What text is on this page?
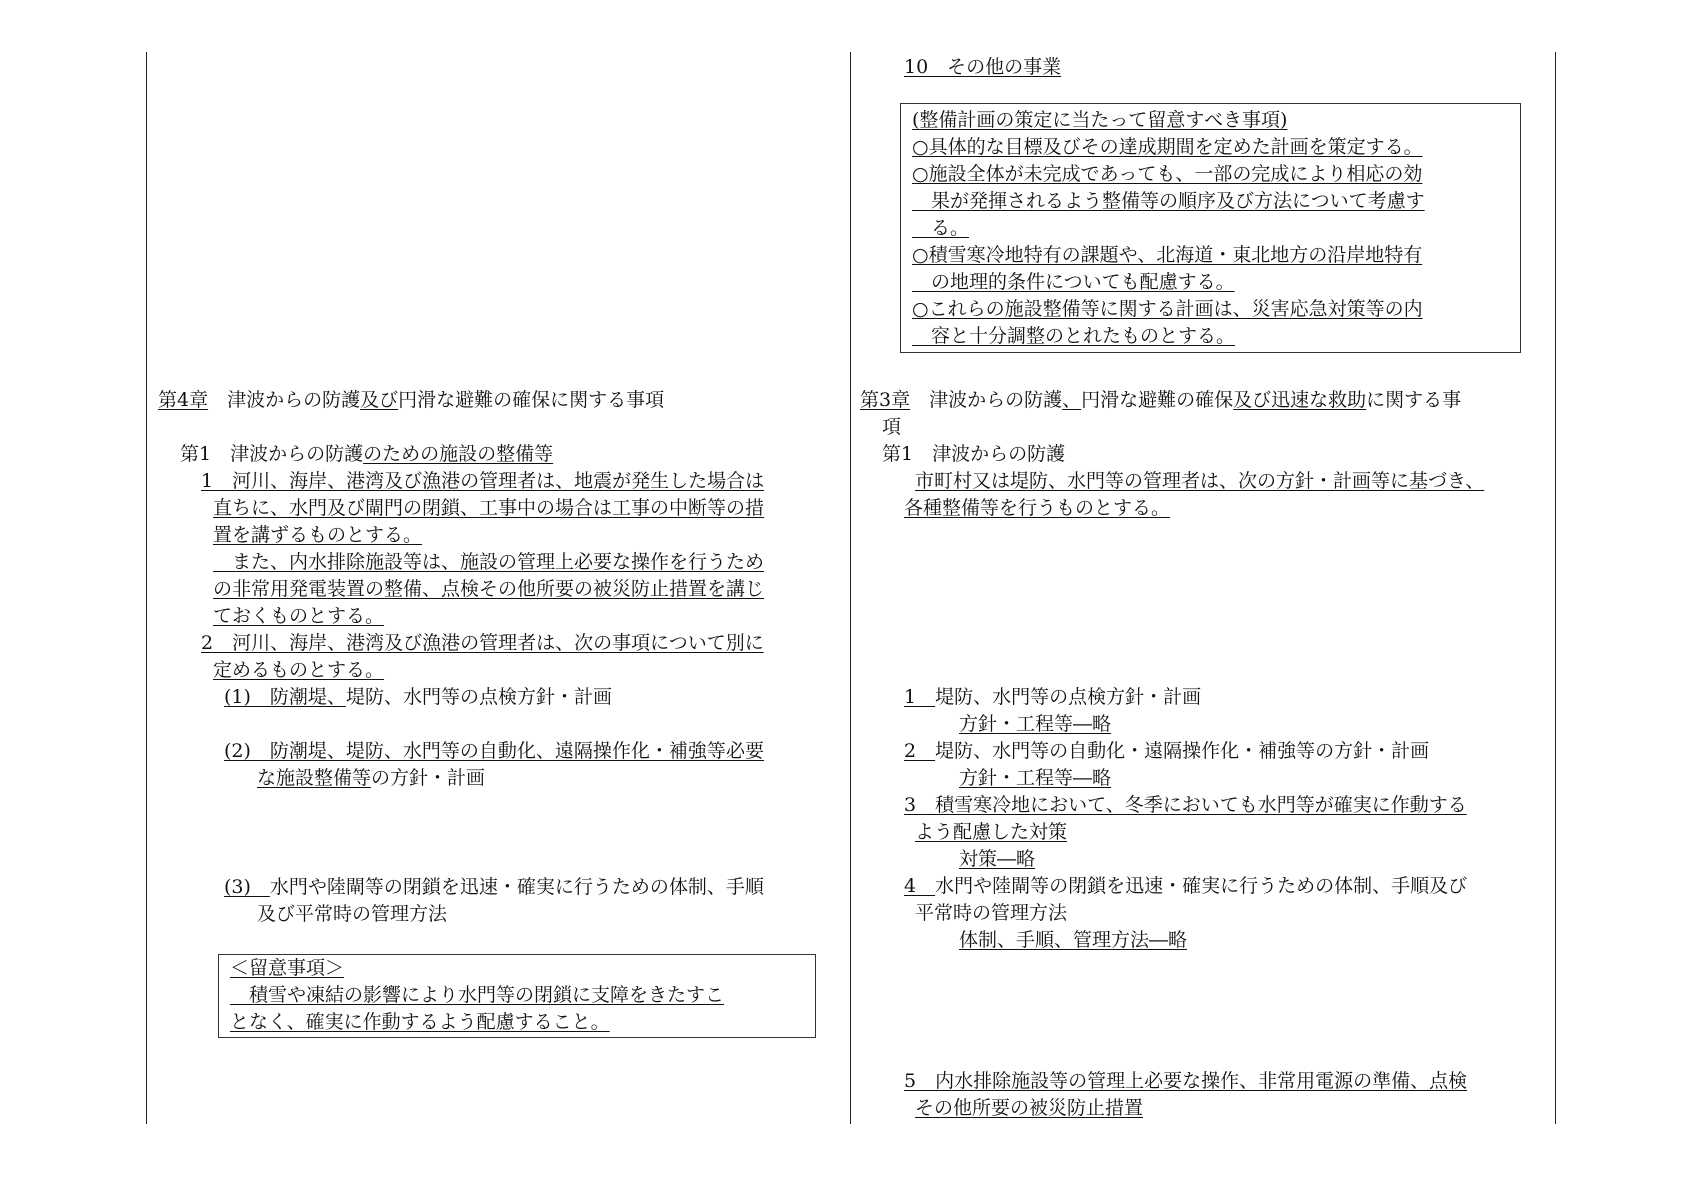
第4章 津波からの防護及び円滑な避難の確保に関する事項
第1 津波からの防護のための施設の整備等
1　河川、海岸、港湾及び漁港の管理者は、地震が発生した場合は
直ちに、水門及び閘門の閉鎖、工事中の場合は工事の中断等の措
置を講ずるものとする。
　また、内水排除施設等は、施設の管理上必要な操作を行うため
の非常用発電装置の整備、点検その他所要の被災防止措置を講じ
ておくものとする。
2　河川、海岸、港湾及び漁港の管理者は、次の事項について別に
定めるものとする。
(1)　防潮堤、堤防、水門等の点検方針・計画
(2)　防潮堤、堤防、水門等の自動化、遠隔操作化・補強等必要
な施設整備等の方針・計画
(3)　水門や陸閘等の閉鎖を迅速・確実に行うための体制、手順
及び平常時の管理方法
＜留意事項＞
　積雪や凍結の影響により水門等の閉鎖に支障をきたすこ
となく、確実に作動するよう配慮すること。
10　その他の事業
(整備計画の策定に当たって留意すべき事項)
○具体的な目標及びその達成期間を定めた計画を策定する。
○施設全体が未完成であっても、一部の完成により相応の効
　果が発揮されるよう整備等の順序及び方法について考慮す
　る。
○積雪寒冷地特有の課題や、北海道・東北地方の沿岸地特有
　の地理的条件についても配慮する。
○これらの施設整備等に関する計画は、災害応急対策等の内
　容と十分調整のとれたものとする。
第3章 津波からの防護、円滑な避難の確保及び迅速な救助に関する事
項
第1 津波からの防護
市町村又は堤防、水門等の管理者は、次の方針・計画等に基づき、
各種整備等を行うものとする。
1　堤防、水門等の点検方針・計画
方針・工程等―略
2　堤防、水門等の自動化・遠隔操作化・補強等の方針・計画
方針・工程等―略
3　積雪寒冷地において、冬季においても水門等が確実に作動する
よう配慮した対策
対策―略
4　水門や陸閘等の閉鎖を迅速・確実に行うための体制、手順及び
平常時の管理方法
体制、手順、管理方法―略
5　内水排除施設等の管理上必要な操作、非常用電源の準備、点検
その他所要の被災防止措置
